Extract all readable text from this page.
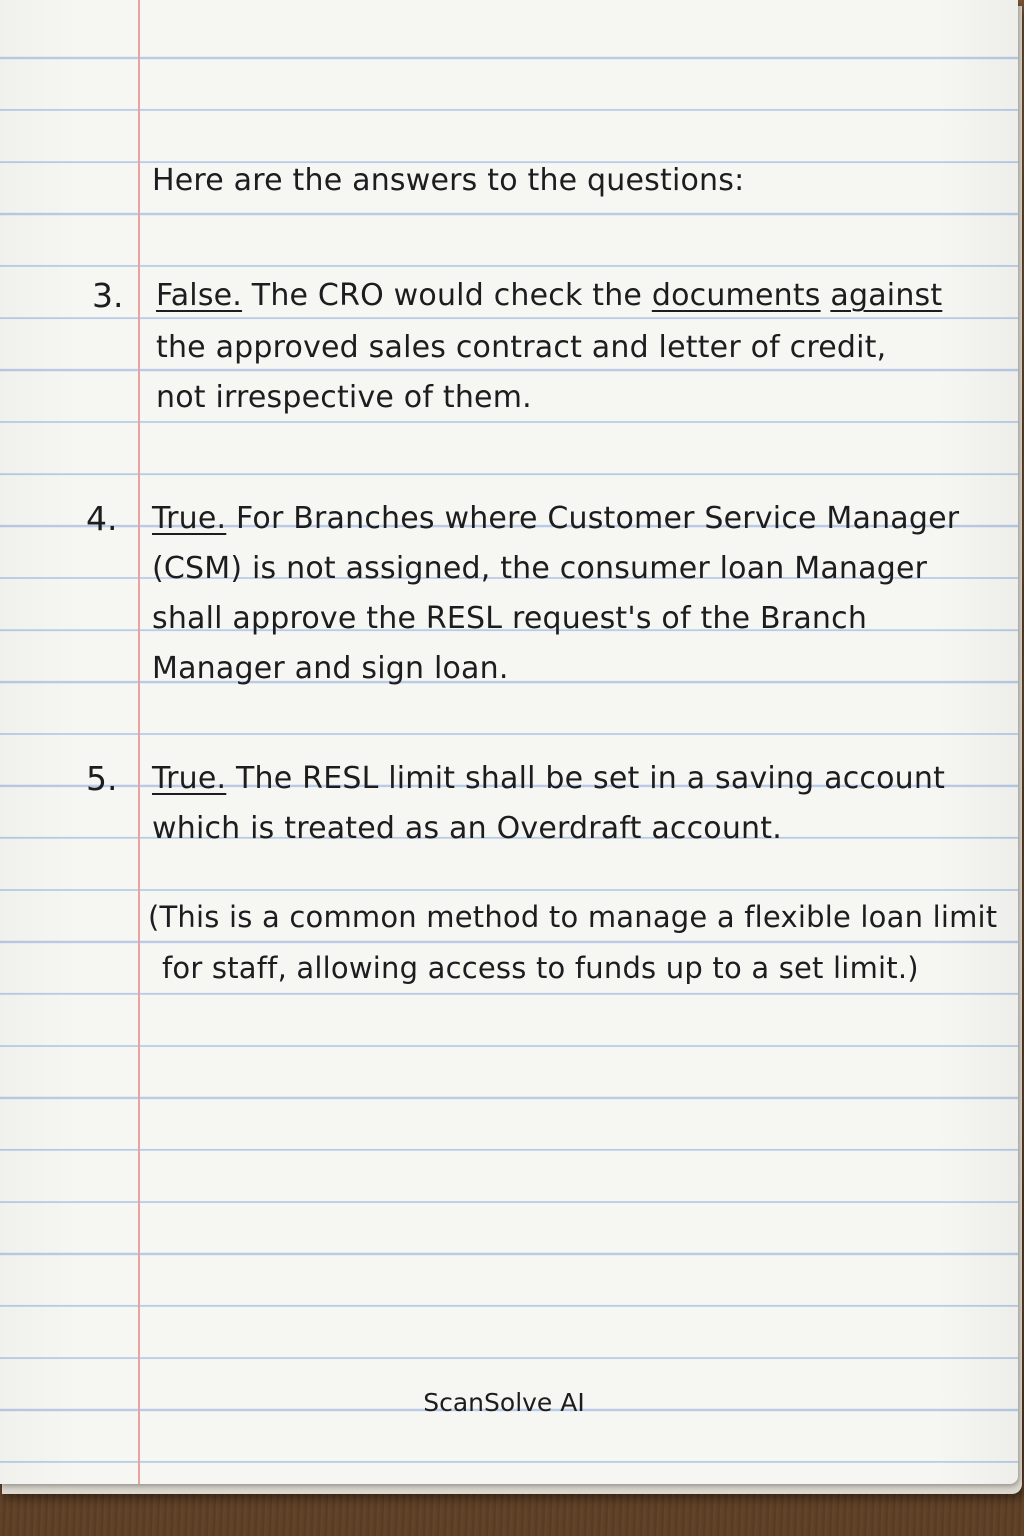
Here are the answers to the questions:
3. False. The CRO would check the documents against
the approved sales contract and letter of credit,
not irrespective of them.
4. True. For Branches where Customer Service Manager
(CSM) is not assigned, the consumer loan Manager
shall approve the RESL request's of the Branch
Manager and sign loan.
5. True. The RESL limit shall be set in a saving account
which is treated as an Overdraft account.
(This is a common method to manage a flexible loan limit
for staff, allowing access to funds up to a set limit.)
ScanSolve AI
